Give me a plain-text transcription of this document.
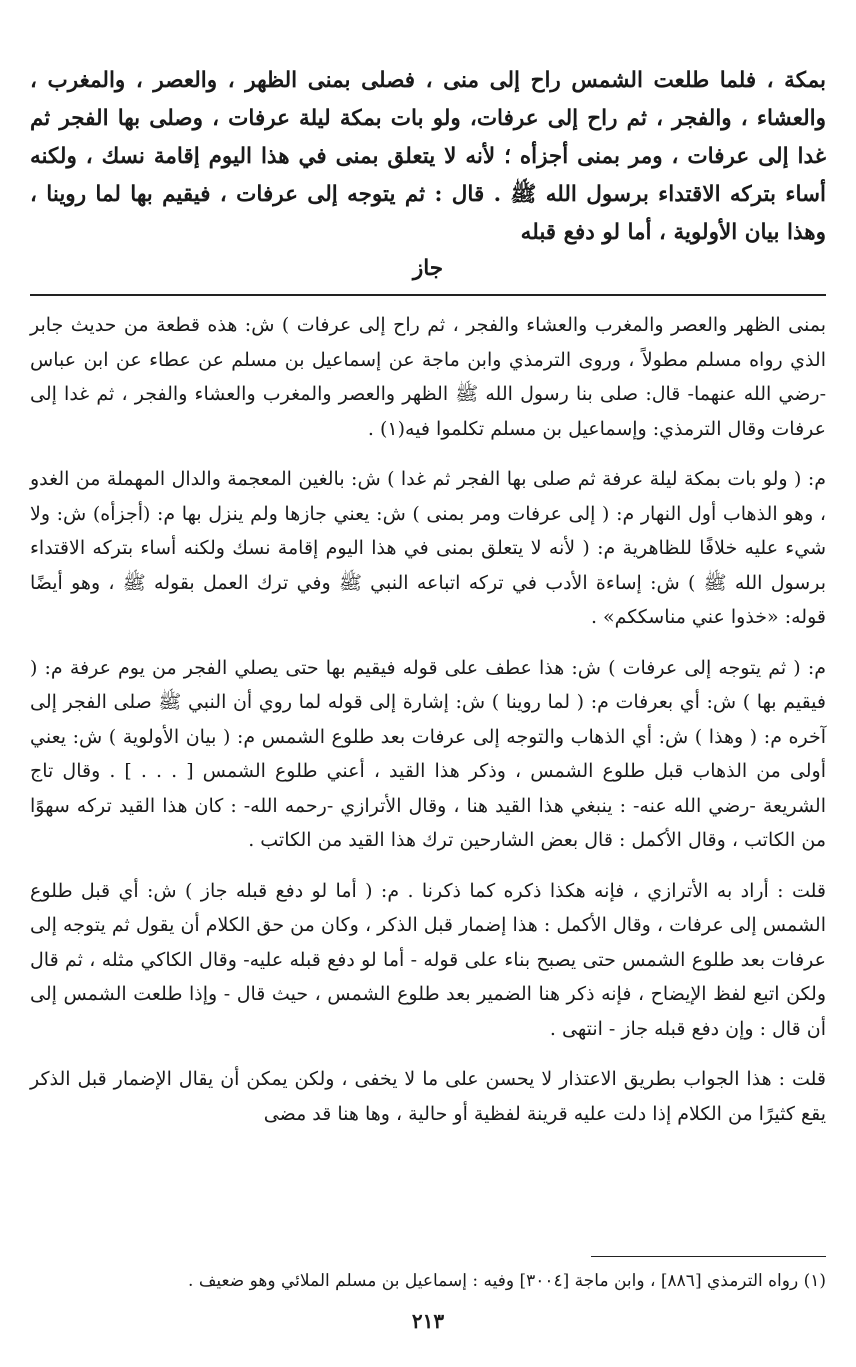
بمكة ، فلما طلعت الشمس راح إلى منى ، فصلى بمنى الظهر ، والعصر ، والمغرب ، والعشاء ، والفجر ، ثم راح إلى عرفات، ولو بات بمكة ليلة عرفات ، وصلى بها الفجر ثم غدا إلى عرفات ، ومر بمنى أجزأه ؛ لأنه لا يتعلق بمنى في هذا اليوم إقامة نسك ، ولكنه أساء بتركه الاقتداء برسول الله ﷺ . قال : ثم يتوجه إلى عرفات ، فيقيم بها لما روينا ، وهذا بيان الأولوية ، أما لو دفع قبله

جاز

بمنى الظهر والعصر والمغرب والعشاء والفجر ، ثم راح إلى عرفات ) ش: هذه قطعة من حديث جابر الذي رواه مسلم مطولاً ، وروى الترمذي وابن ماجة عن إسماعيل بن مسلم عن عطاء عن ابن عباس -رضي الله عنهما- قال: صلى بنا رسول الله ﷺ الظهر والعصر والمغرب والعشاء والفجر ، ثم غدا إلى عرفات وقال الترمذي: وإسماعيل بن مسلم تكلموا فيه(١) .

م: ( ولو بات بمكة ليلة عرفة ثم صلى بها الفجر ثم غدا ) ش: بالغين المعجمة والدال المهملة من الغدو ، وهو الذهاب أول النهار م: ( إلى عرفات ومر بمنى ) ش: يعني جازها ولم ينزل بها م: (أجزأه) ش: ولا شيء عليه خلافًا للظاهرية م: ( لأنه لا يتعلق بمنى في هذا اليوم إقامة نسك ولكنه أساء بتركه الاقتداء برسول الله ﷺ ) ش: إساءة الأدب في تركه اتباعه النبي ﷺ وفي ترك العمل بقوله ﷺ ، وهو أيضًا قوله: «خذوا عني مناسككم» .

م: ( ثم يتوجه إلى عرفات ) ش: هذا عطف على قوله فيقيم بها حتى يصلي الفجر من يوم عرفة م: ( فيقيم بها ) ش: أي بعرفات م: ( لما روينا ) ش: إشارة إلى قوله لما روي أن النبي ﷺ صلى الفجر إلى آخره م: ( وهذا ) ش: أي الذهاب والتوجه إلى عرفات بعد طلوع الشمس م: ( بيان الأولوية ) ش: يعني أولى من الذهاب قبل طلوع الشمس ، وذكر هذا القيد ، أعني طلوع الشمس [ . . . ] . وقال تاج الشريعة -رضي الله عنه- : ينبغي هذا القيد هنا ، وقال الأترازي -رحمه الله- : كان هذا القيد تركه سهوًا من الكاتب ، وقال الأكمل : قال بعض الشارحين ترك هذا القيد من الكاتب .

قلت : أراد به الأترازي ، فإنه هكذا ذكره كما ذكرنا . م: ( أما لو دفع قبله جاز ) ش: أي قبل طلوع الشمس إلى عرفات ، وقال الأكمل : هذا إضمار قبل الذكر ، وكان من حق الكلام أن يقول ثم يتوجه إلى عرفات بعد طلوع الشمس حتى يصبح بناء على قوله - أما لو دفع قبله عليه- وقال الكاكي مثله ، ثم قال ولكن اتبع لفظ الإيضاح ، فإنه ذكر هنا الضمير بعد طلوع الشمس ، حيث قال - وإذا طلعت الشمس إلى أن قال : وإن دفع قبله جاز - انتهى .

قلت : هذا الجواب بطريق الاعتذار لا يحسن على ما لا يخفى ، ولكن يمكن أن يقال الإضمار قبل الذكر يقع كثيرًا من الكلام إذا دلت عليه قرينة لفظية أو حالية ، وها هنا قد مضى

(١) رواه الترمذي [٨٨٦] ، وابن ماجة [٣٠٠٤] وفيه : إسماعيل بن مسلم الملائي وهو ضعيف .

٢١٣
